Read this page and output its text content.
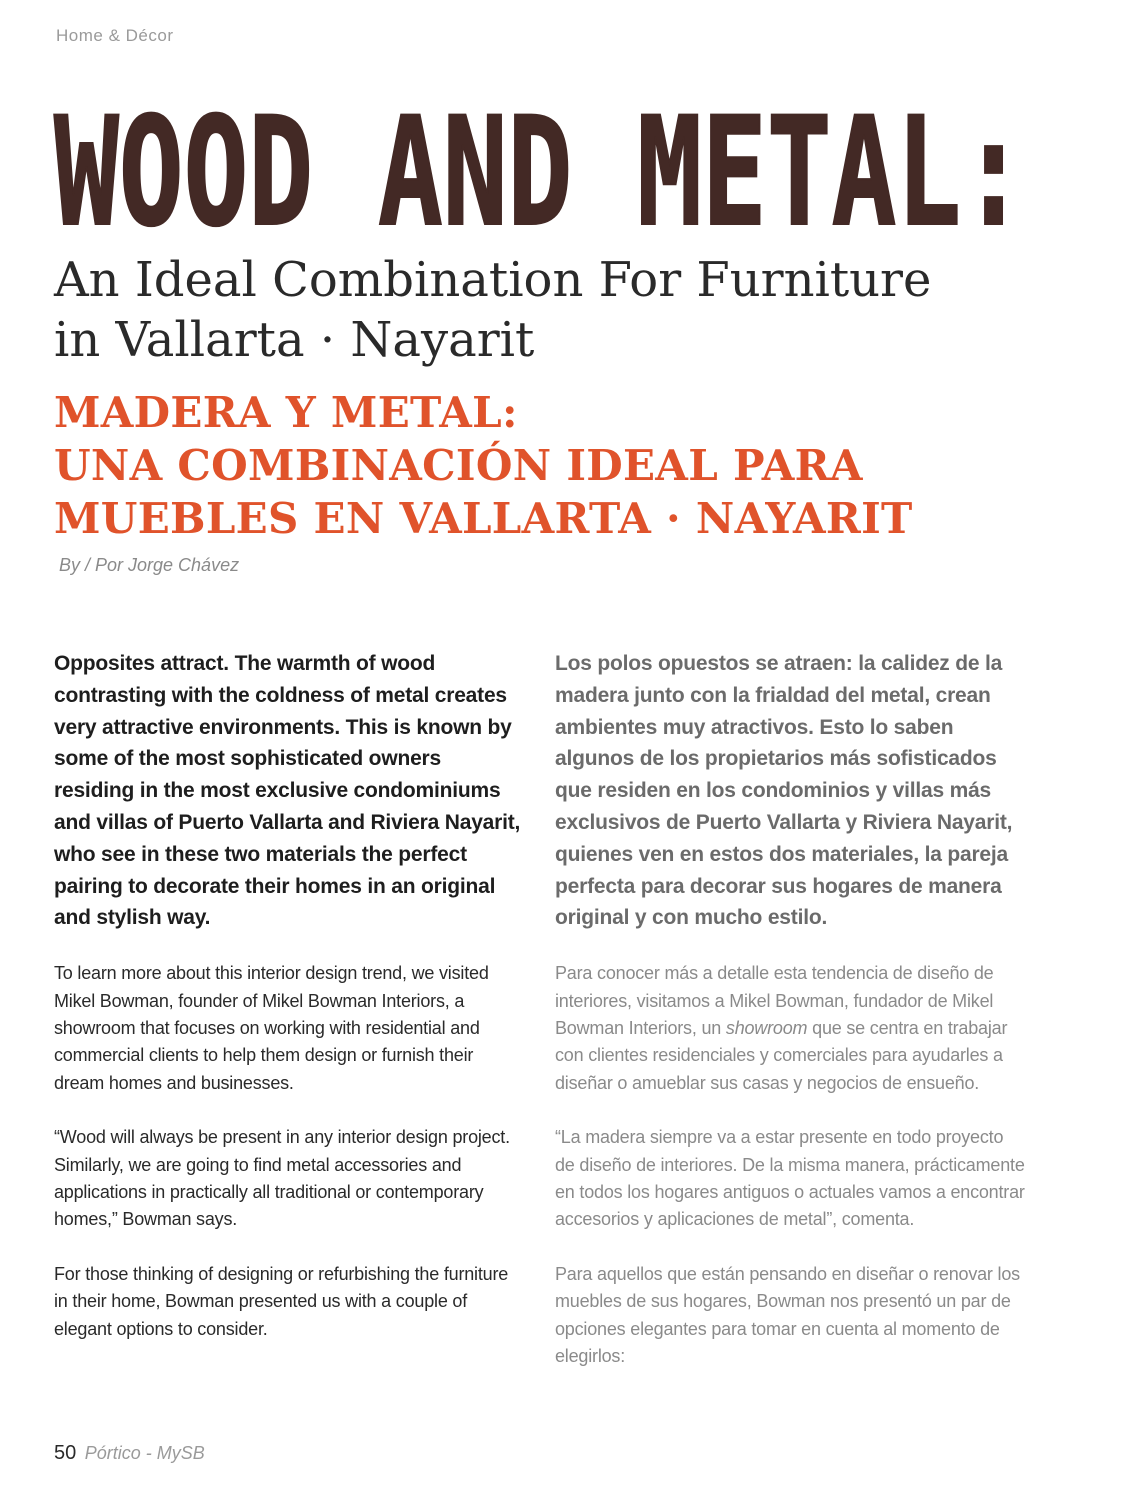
Home & Décor
WOOD AND METAL:
An Ideal Combination For Furniture
in Vallarta · Nayarit
MADERA Y METAL:
UNA COMBINACIÓN IDEAL PARA
MUEBLES EN VALLARTA · NAYARIT
By / Por Jorge Chávez

Opposites attract. The warmth of wood contrasting with the coldness of metal creates very attractive environments. This is known by some of the most sophisticated owners residing in the most exclusive condominiums and villas of Puerto Vallarta and Riviera Nayarit, who see in these two materials the perfect pairing to decorate their homes in an original and stylish way.

To learn more about this interior design trend, we visited Mikel Bowman, founder of Mikel Bowman Interiors, a showroom that focuses on working with residential and commercial clients to help them design or furnish their dream homes and businesses.

“Wood will always be present in any interior design project. Similarly, we are going to find metal accessories and applications in practically all traditional or contemporary homes,” Bowman says.

For those thinking of designing or refurbishing the furniture in their home, Bowman presented us with a couple of elegant options to consider.

Los polos opuestos se atraen: la calidez de la madera junto con la frialdad del metal, crean ambientes muy atractivos. Esto lo saben algunos de los propietarios más sofisticados que residen en los condominios y villas más exclusivos de Puerto Vallarta y Riviera Nayarit, quienes ven en estos dos materiales, la pareja perfecta para decorar sus hogares de manera original y con mucho estilo.

Para conocer más a detalle esta tendencia de diseño de interiores, visitamos a Mikel Bowman, fundador de Mikel Bowman Interiors, un showroom que se centra en trabajar con clientes residenciales y comerciales para ayudarles a diseñar o amueblar sus casas y negocios de ensueño.

“La madera siempre va a estar presente en todo proyecto de diseño de interiores. De la misma manera, prácticamente en todos los hogares antiguos o actuales vamos a encontrar accesorios y aplicaciones de metal”, comenta.

Para aquellos que están pensando en diseñar o renovar los muebles de sus hogares, Bowman nos presentó un par de opciones elegantes para tomar en cuenta al momento de elegirlos:

50 Pórtico - MySB
